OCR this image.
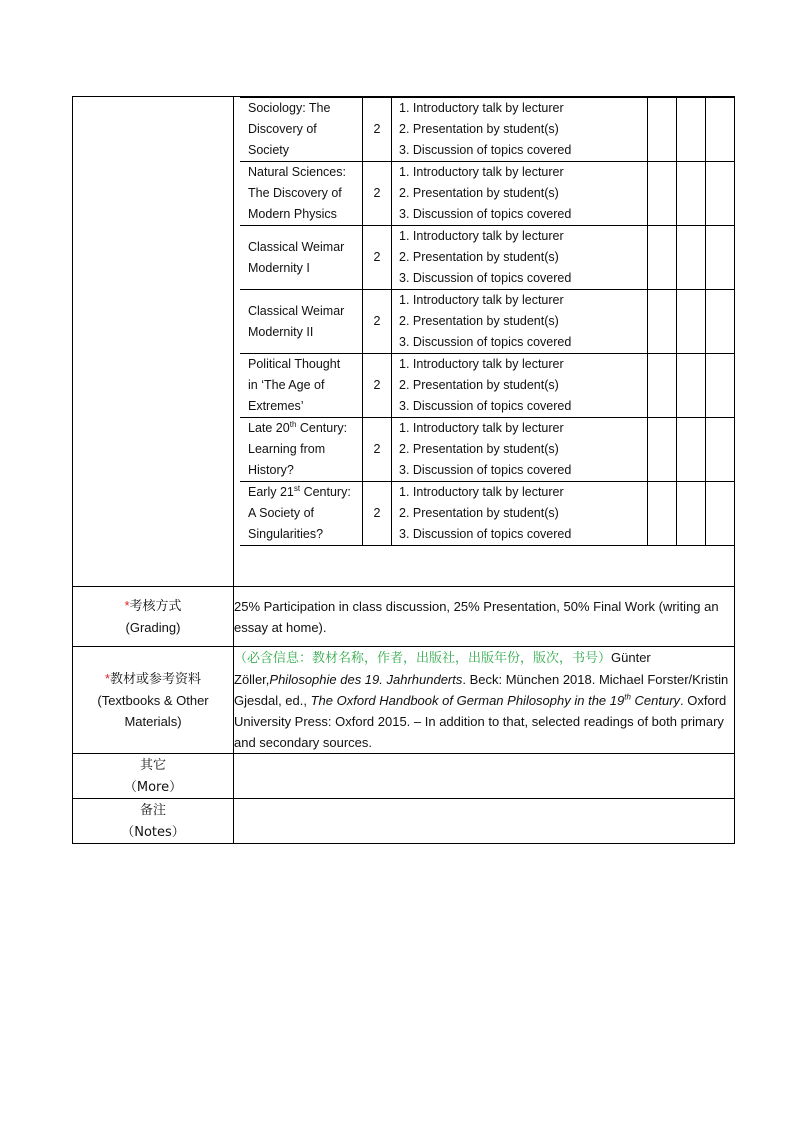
Sociology: The
Discovery of
Society
	2	
1. Introductory talk by lecturer
2. Presentation by student(s)
3. Discussion of topics covered

Natural Sciences:
The Discovery of
Modern Physics
	2	
1. Introductory talk by lecturer
2. Presentation by student(s)
3. Discussion of topics covered

Classical Weimar
Modernity I
	2	
1. Introductory talk by lecturer
2. Presentation by student(s)
3. Discussion of topics covered

Classical Weimar
Modernity II
	2	
1. Introductory talk by lecturer
2. Presentation by student(s)
3. Discussion of topics covered

Political Thought
in ‘The Age of
Extremes’
	2	
1. Introductory talk by lecturer
2. Presentation by student(s)
3. Discussion of topics covered

Late 20th Century:
Learning from
History?
	2	
1. Introductory talk by lecturer
2. Presentation by student(s)
3. Discussion of topics covered

Early 21st Century:
A Society of
Singularities?
	2	
1. Introductory talk by lecturer
2. Presentation by student(s)
3. Discussion of topics covered

*考核方式
(Grading)	25% Participation in class discussion, 25% Presentation, 50% Final Work (writing an essay at home).
*教材或参考资料
(Textbooks & Other
Materials)	（必含信息：教材名称，作者，出版社，出版年份，版次，书号）Günter Zöller,Philosophie des 19. Jahrhunderts. Beck: München 2018. Michael Forster/Kristin Gjesdal, ed., The Oxford Handbook of German Philosophy in the 19th Century. Oxford University Press: Oxford 2015. – In addition to that, selected readings of both primary and secondary sources.
其它
（More）	
备注
（Notes）	
